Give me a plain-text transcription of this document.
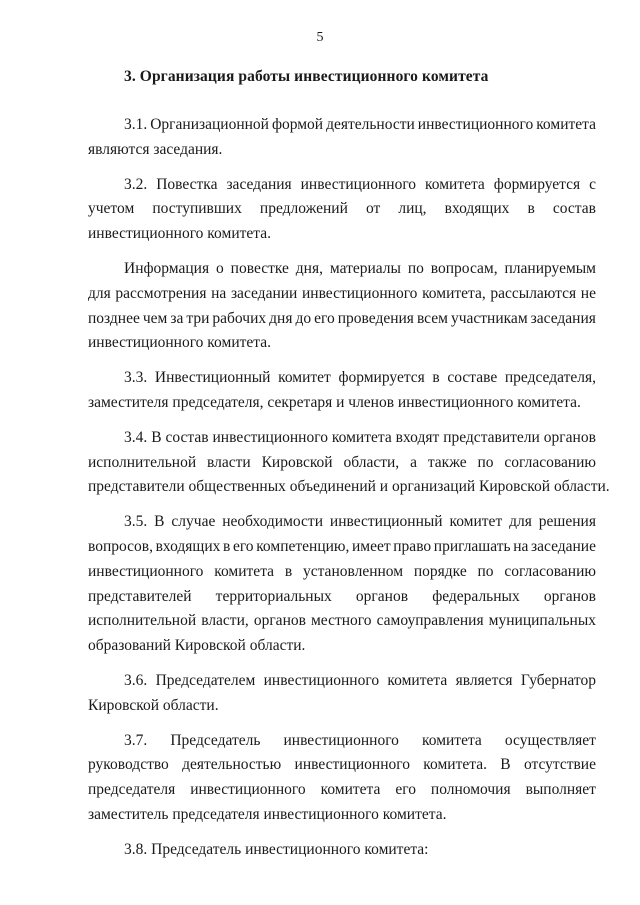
5
3. Организация работы инвестиционного комитета
3.1. Организационной формой деятельности инвестиционного комитета
являются заседания.
3.2. Повестка заседания инвестиционного комитета формируется с
учетом поступивших предложений от лиц, входящих в состав
инвестиционного комитета.
Информация о повестке дня, материалы по вопросам, планируемым
для рассмотрения на заседании инвестиционного комитета, рассылаются не
позднее чем за три рабочих дня до его проведения всем участникам заседания
инвестиционного комитета.
3.3. Инвестиционный комитет формируется в составе председателя,
заместителя председателя, секретаря и членов инвестиционного комитета.
3.4. В состав инвестиционного комитета входят представители органов
исполнительной власти Кировской области, а также по согласованию
представители общественных объединений и организаций Кировской области.
3.5. В случае необходимости инвестиционный комитет для решения
вопросов, входящих в его компетенцию, имеет право приглашать на заседание
инвестиционного комитета в установленном порядке по согласованию
представителей территориальных органов федеральных органов
исполнительной власти, органов местного самоуправления муниципальных
образований Кировской области.
3.6. Председателем инвестиционного комитета является Губернатор
Кировской области.
3.7. Председатель инвестиционного комитета осуществляет
руководство деятельностью инвестиционного комитета. В отсутствие
председателя инвестиционного комитета его полномочия выполняет
заместитель председателя инвестиционного комитета.
3.8. Председатель инвестиционного комитета:
